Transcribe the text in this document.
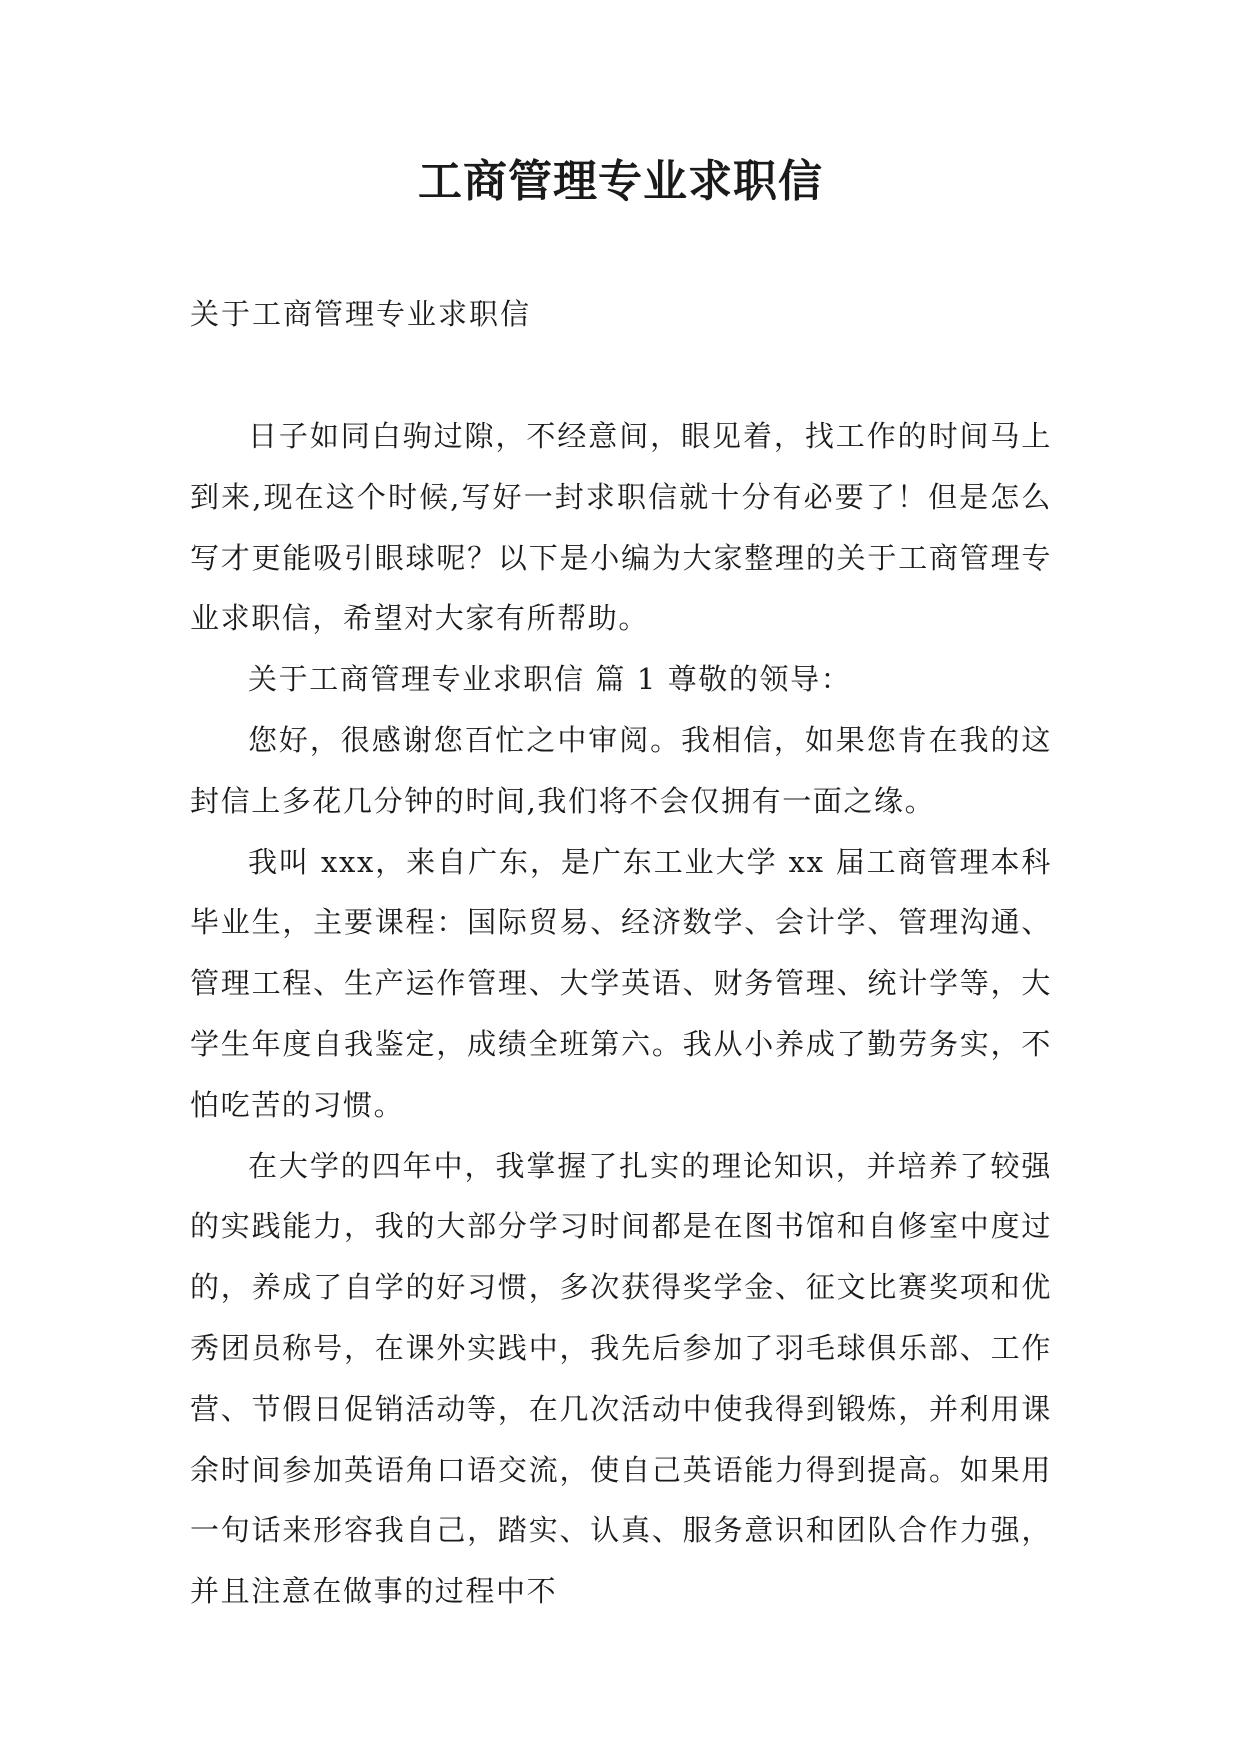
工商管理专业求职信
关于工商管理专业求职信

日子如同白驹过隙，不经意间，眼见着，找工作的时间马上到来,现在这个时候,写好一封求职信就十分有必要了！但是怎么写才更能吸引眼球呢？以下是小编为大家整理的关于工商管理专业求职信，希望对大家有所帮助。

关于工商管理专业求职信 篇 1 尊敬的领导：

您好，很感谢您百忙之中审阅。我相信，如果您肯在我的这封信上多花几分钟的时间,我们将不会仅拥有一面之缘。

我叫 xxx，来自广东，是广东工业大学 xx 届工商管理本科毕业生，主要课程：国际贸易、经济数学、会计学、管理沟通、管理工程、生产运作管理、大学英语、财务管理、统计学等，大学生年度自我鉴定，成绩全班第六。我从小养成了勤劳务实，不怕吃苦的习惯。

在大学的四年中，我掌握了扎实的理论知识，并培养了较强的实践能力，我的大部分学习时间都是在图书馆和自修室中度过的，养成了自学的好习惯，多次获得奖学金、征文比赛奖项和优秀团员称号，在课外实践中，我先后参加了羽毛球俱乐部、工作营、节假日促销活动等，在几次活动中使我得到锻炼，并利用课余时间参加英语角口语交流，使自己英语能力得到提高。如果用一句话来形容我自己，踏实、认真、服务意识和团队合作力强，并且注意在做事的过程中不
